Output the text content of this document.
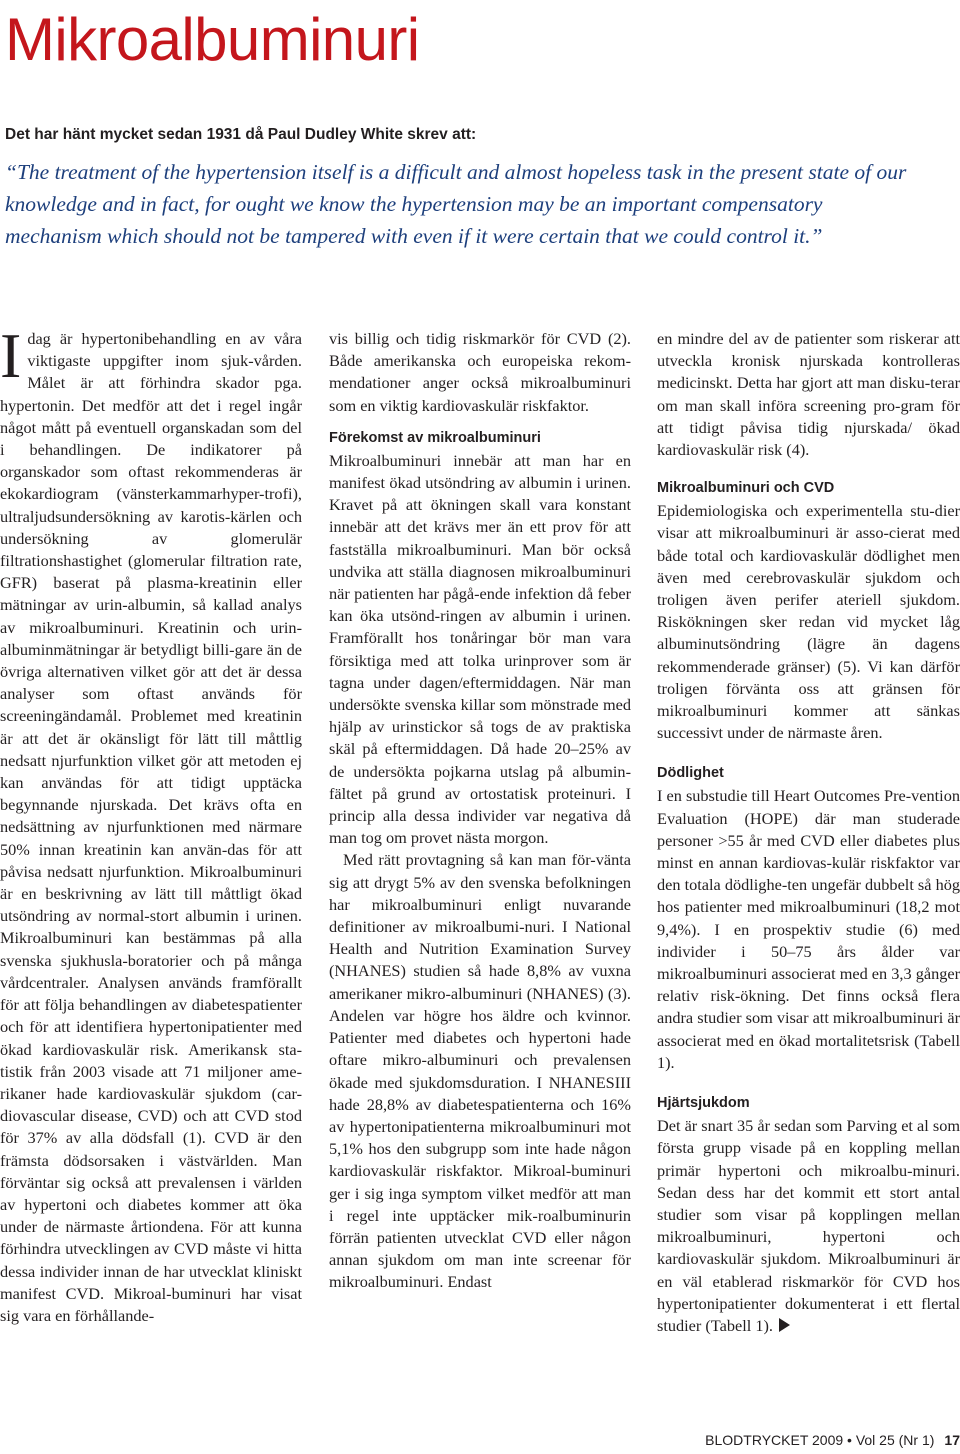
Mikroalbuminuri
Det har hänt mycket sedan 1931 då Paul Dudley White skrev att:
“The treatment of the hypertension itself is a difficult and almost hopeless task in the present state of our knowledge and in fact, for ought we know the hypertension may be an important compensatory mechanism which should not be tampered with even if it were certain that we could control it.”
I dag är hypertonibehandling en av våra viktigaste uppgifter inom sjuk-vården. Målet är att förhindra skador pga. hypertonin. Det medför att det i regel ingår något mått på eventuell organskadan som del i behandlingen. De indikatorer på organskador som oftast rekommenderas är ekokardiogram (vänsterkammarhyper-trofi), ultraljudsundersökning av karotis-kärlen och undersökning av glomerulär filtrationshastighet (glomerular filtration rate, GFR) baserat på plasma-kreatinin eller mätningar av urin-albumin, så kallad analys av mikroalbuminuri. Kreatinin och urin-albuminmätningar är betydligt billi-gare än de övriga alternativen vilket gör att det är dessa analyser som oftast används för screeningändamål. Problemet med kreatinin är att det är okänsligt för lätt till måttlig nedsatt njurfunktion vilket gör att metoden ej kan användas för att tidigt upptäcka begynnande njurskada. Det krävs ofta en nedsättning av njurfunktionen med närmare 50% innan kreatinin kan använ-das för att påvisa nedsatt njurfunktion. Mikroalbuminuri är en beskrivning av lätt till måttligt ökad utsöndring av normal-stort albumin i urinen. Mikroalbuminuri kan bestämmas på alla svenska sjukhusla-boratorier och på många vårdcentraler. Analysen används framförallt för att följa behandlingen av diabetespatienter och för att identifiera hypertonipatienter med ökad kardiovaskulär risk. Amerikansk sta-tistik från 2003 visade att 71 miljoner ame-rikaner hade kardiovaskulär sjukdom (car-diovascular disease, CVD) och att CVD stod för 37% av alla dödsfall (1). CVD är den främsta dödsorsaken i västvärlden. Man förväntar sig också att prevalensen i världen av hypertoni och diabetes kommer att öka under de närmaste årtiondena. För att kunna förhindra utvecklingen av CVD måste vi hitta dessa individer innan de har utvecklat kliniskt manifest CVD. Mikroal-buminuri har visat sig vara en förhållande-

vis billig och tidig riskmarkör för CVD (2). Både amerikanska och europeiska rekom-mendationer anger också mikroalbuminuri som en viktig kardiovaskulär riskfaktor.

Förekomst av mikroalbuminuri

Mikroalbuminuri innebär att man har en manifest ökad utsöndring av albumin i urinen. Kravet på att ökningen skall vara konstant innebär att det krävs mer än ett prov för att fastställa mikroalbuminuri. Man bör också undvika att ställa diagnosen mikroalbuminuri när patienten har pågå-ende infektion då feber kan öka utsönd-ringen av albumin i urinen. Framförallt hos tonåringar bör man vara försiktiga med att tolka urinprover som är tagna under dagen/eftermiddagen. När man undersökte svenska killar som mönstrade med hjälp av urinstickor så togs de av praktiska skäl på eftermiddagen. Då hade 20–25% av de undersökta pojkarna utslag på albumin-fältet på grund av ortostatisk proteinuri. I princip alla dessa individer var negativa då man tog om provet nästa morgon.

Med rätt provtagning så kan man för-vänta sig att drygt 5% av den svenska befolkningen har mikroalbuminuri enligt nuvarande definitioner av mikroalbumi-nuri. I National Health and Nutrition Examination Survey (NHANES) studien så hade 8,8% av vuxna amerikaner mikro-albuminuri (NHANES) (3). Andelen var högre hos äldre och kvinnor. Patienter med diabetes och hypertoni hade oftare mikro-albuminuri och prevalensen ökade med sjukdomsduration. I NHANESIII hade 28,8% av diabetespatienterna och 16% av hypertonipatienterna mikroalbuminuri mot 5,1% hos den subgrupp som inte hade någon kardiovaskulär riskfaktor. Mikroal-buminuri ger i sig inga symptom vilket medför att man i regel inte upptäcker mik-roalbuminurin förrän patienten utvecklat CVD eller någon annan sjukdom om man inte screenar för mikroalbuminuri. Endast

en mindre del av de patienter som riskerar att utveckla kronisk njurskada kontrolleras medicinskt. Detta har gjort att man disku-terar om man skall införa screening pro-gram för att tidigt påvisa tidig njurskada/ ökad kardiovaskulär risk (4).

Mikroalbuminuri och CVD

Epidemiologiska och experimentella stu-dier visar att mikroalbuminuri är asso-cierat med både total och kardiovaskulär dödlighet men även med cerebrovaskulär sjukdom och troligen även perifer ateriell sjukdom. Riskökningen sker redan vid mycket låg albuminutsöndring (lägre än dagens rekommenderade gränser) (5). Vi kan därför troligen förvänta oss att gränsen för mikroalbuminuri kommer att sänkas successivt under de närmaste åren.

Dödlighet

I en substudie till Heart Outcomes Pre-vention Evaluation (HOPE) där man studerade personer >55 år med CVD eller diabetes plus minst en annan kardiovas-kulär riskfaktor var den totala dödlighe-ten ungefär dubbelt så hög hos patienter med mikroalbuminuri (18,2 mot 9,4%). I en prospektiv studie (6) med individer i 50–75 års ålder var mikroalbuminuri associerat med en 3,3 gånger relativ risk-ökning. Det finns också flera andra studier som visar att mikroalbuminuri är associerat med en ökad mortalitetsrisk (Tabell 1).

Hjärtsjukdom

Det är snart 35 år sedan som Parving et al som första grupp visade på en koppling mellan primär hypertoni och mikroalbu-minuri. Sedan dess har det kommit ett stort antal studier som visar på kopplingen mellan mikroalbuminuri, hypertoni och kardiovaskulär sjukdom. Mikroalbuminuri är en väl etablerad riskmarkör för CVD hos hypertonipatienter dokumenterat i ett flertal studier (Tabell 1).

BLODTRYCKET 2009 • Vol 25 (Nr 1) 17
